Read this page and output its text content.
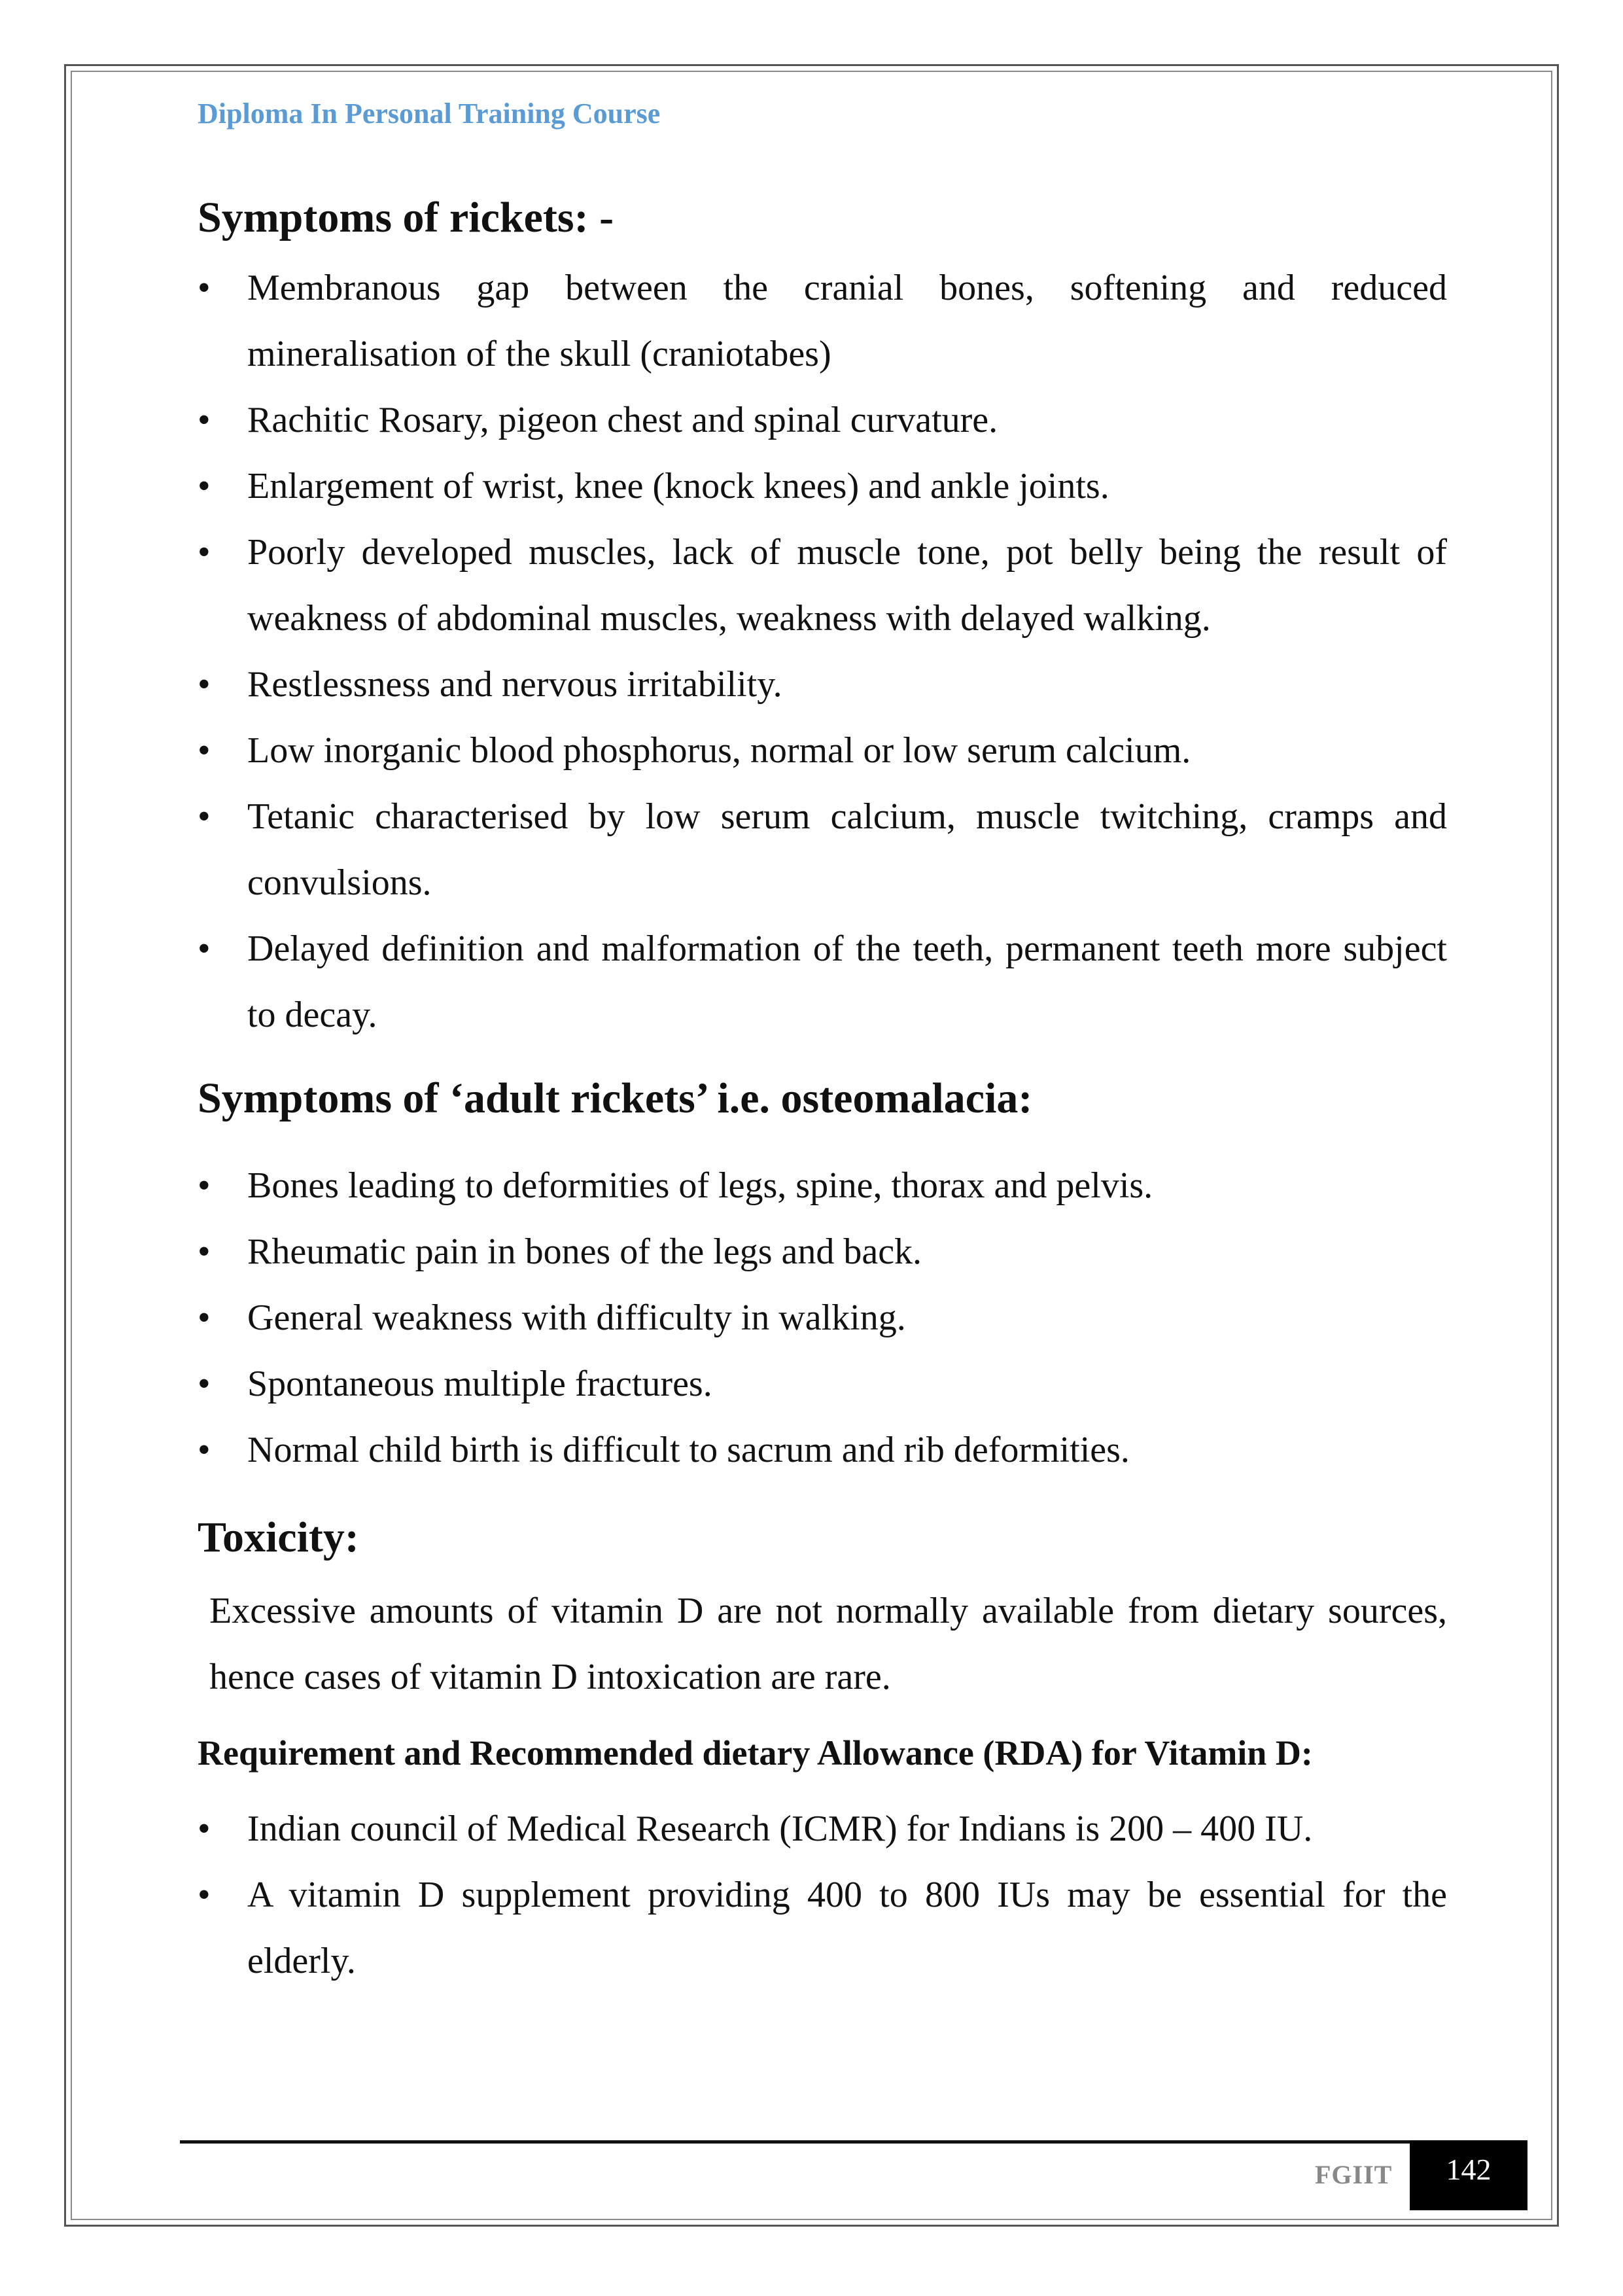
Diploma In Personal Training Course
Symptoms of rickets: -
•	Membranous gap between the cranial bones, softening and reduced mineralisation of the skull (craniotabes)
•	Rachitic Rosary, pigeon chest and spinal curvature.
•	Enlargement of wrist, knee (knock knees) and ankle joints.
•	Poorly developed muscles, lack of muscle tone, pot belly being the result of weakness of abdominal muscles, weakness with delayed walking.
•	Restlessness and nervous irritability.
•	Low inorganic blood phosphorus, normal or low serum calcium.
•	Tetanic characterised by low serum calcium, muscle twitching, cramps and convulsions.
•	Delayed definition and malformation of the teeth, permanent teeth more subject to decay.
Symptoms of ‘adult rickets’ i.e. osteomalacia:
•	Bones leading to deformities of legs, spine, thorax and pelvis.
•	Rheumatic pain in bones of the legs and back.
•	General weakness with difficulty in walking.
•	Spontaneous multiple fractures.
•	Normal child birth is difficult to sacrum and rib deformities.
Toxicity:

Excessive amounts of vitamin D are not normally available from dietary sources, hence cases of vitamin D intoxication are rare.

Requirement and Recommended dietary Allowance (RDA) for Vitamin D:
•	Indian council of Medical Research (ICMR) for Indians is 200 – 400 IU.
•	A vitamin D supplement providing 400 to 800 IUs may be essential for the elderly.
FGIIT	142
